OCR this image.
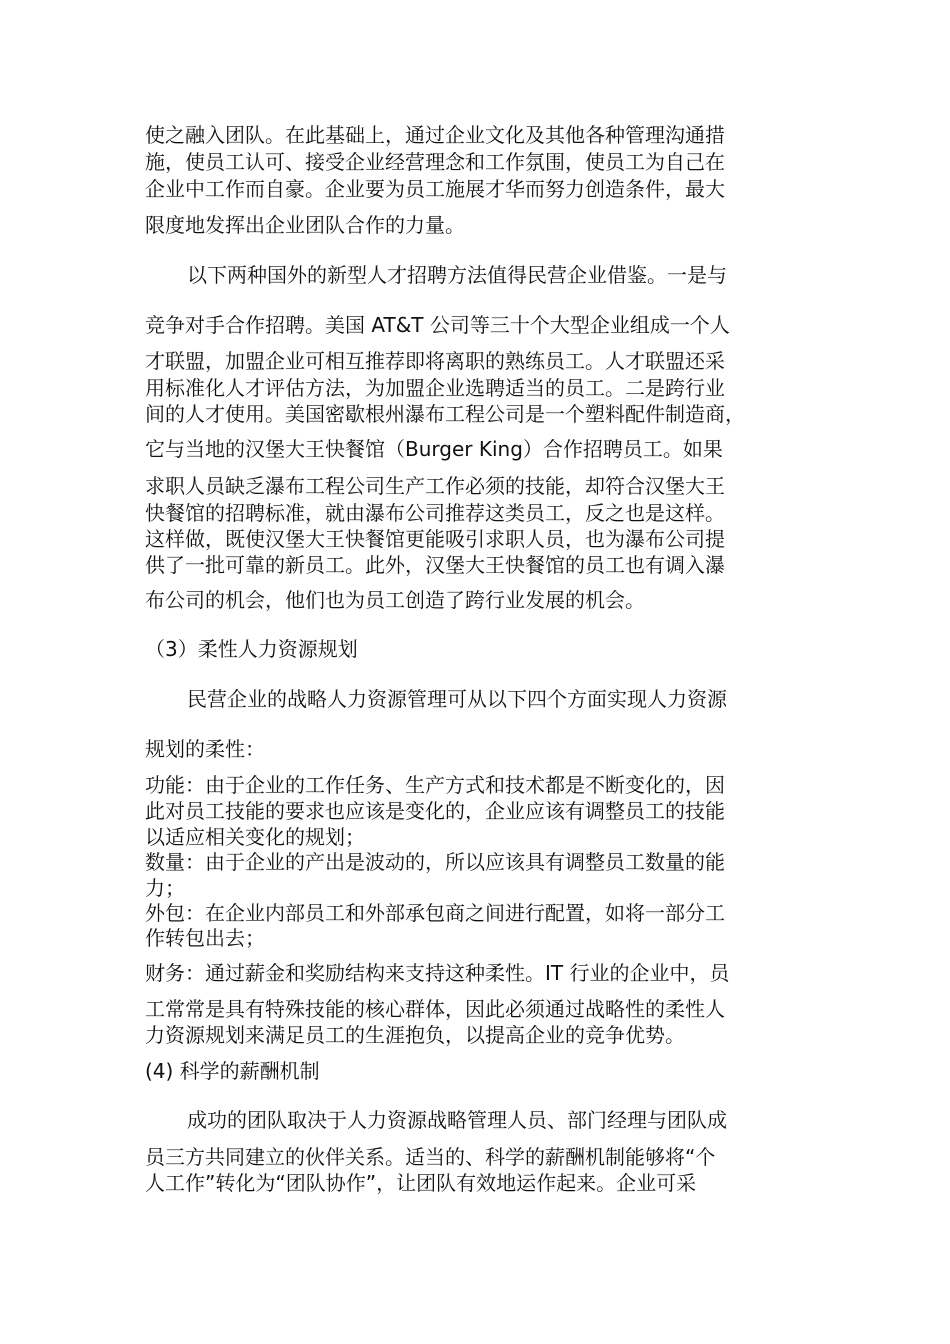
使之融入团队。在此基础上，通过企业文化及其他各种管理沟通措

施，使员工认可、接受企业经营理念和工作氛围，使员工为自己在

企业中工作而自豪。企业要为员工施展才华而努力创造条件，最大

限度地发挥出企业团队合作的力量。

以下两种国外的新型人才招聘方法值得民营企业借鉴。一是与

竞争对手合作招聘。美国 AT&T 公司等三十个大型企业组成一个人

才联盟，加盟企业可相互推荐即将离职的熟练员工。人才联盟还采

用标准化人才评估方法，为加盟企业选聘适当的员工。二是跨行业

间的人才使用。美国密歇根州瀑布工程公司是一个塑料配件制造商，

它与当地的汉堡大王快餐馆（Burger King）合作招聘员工。如果

求职人员缺乏瀑布工程公司生产工作必须的技能，却符合汉堡大王

快餐馆的招聘标准，就由瀑布公司推荐这类员工，反之也是这样。

这样做，既使汉堡大王快餐馆更能吸引求职人员，也为瀑布公司提

供了一批可靠的新员工。此外，汉堡大王快餐馆的员工也有调入瀑

布公司的机会，他们也为员工创造了跨行业发展的机会。

（3）柔性人力资源规划

民营企业的战略人力资源管理可从以下四个方面实现人力资源

规划的柔性：

功能：由于企业的工作任务、生产方式和技术都是不断变化的，因

此对员工技能的要求也应该是变化的，企业应该有调整员工的技能

以适应相关变化的规划；

数量：由于企业的产出是波动的，所以应该具有调整员工数量的能

力；

外包：在企业内部员工和外部承包商之间进行配置，如将一部分工

作转包出去；

财务：通过薪金和奖励结构来支持这种柔性。IT 行业的企业中，员

工常常是具有特殊技能的核心群体，因此必须通过战略性的柔性人

力资源规划来满足员工的生涯抱负，以提高企业的竞争优势。

(4) 科学的薪酬机制

成功的团队取决于人力资源战略管理人员、部门经理与团队成

员三方共同建立的伙伴关系。适当的、科学的薪酬机制能够将“个

人工作”转化为“团队协作”，让团队有效地运作起来。企业可采
